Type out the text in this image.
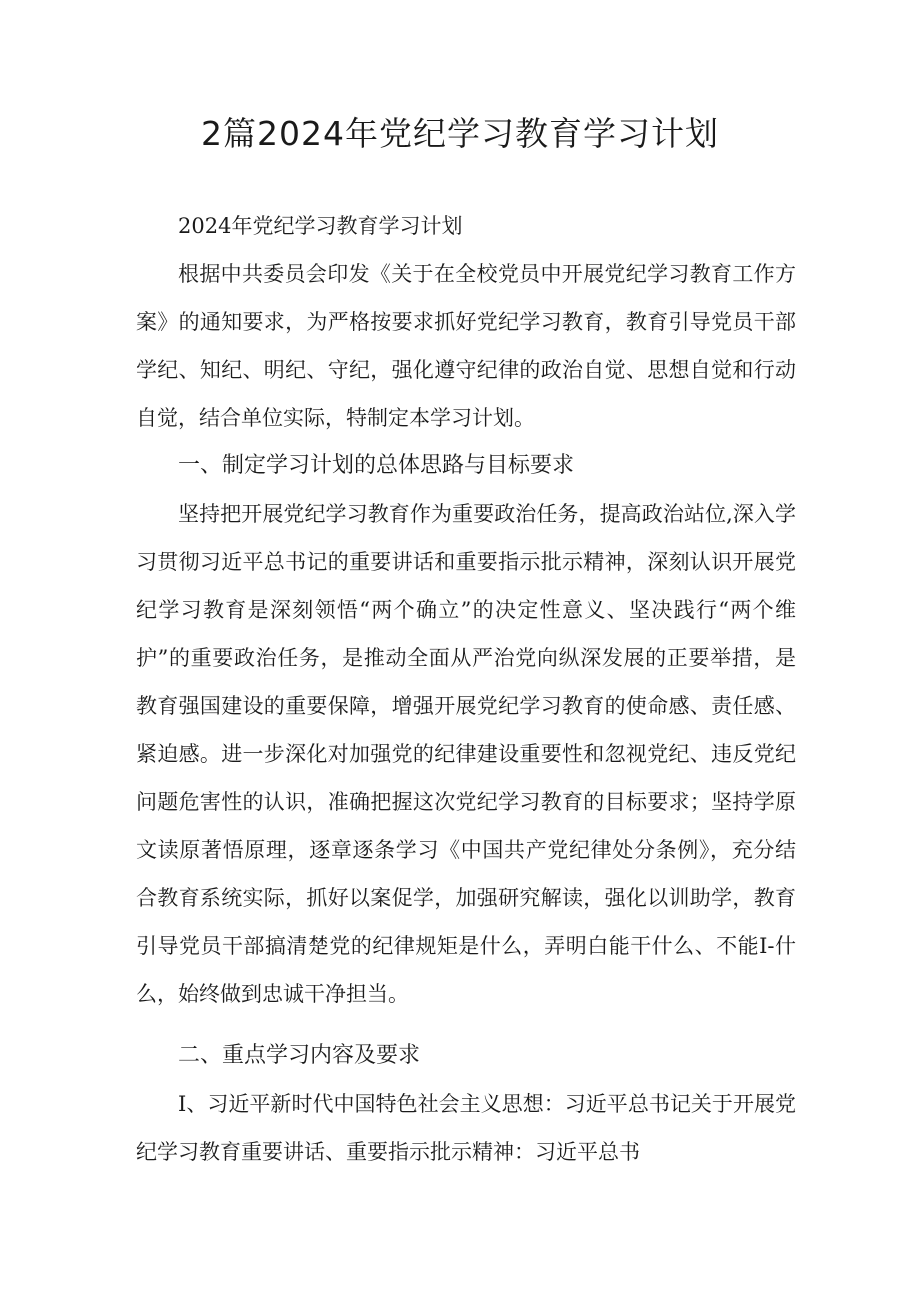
2篇2024年党纪学习教育学习计划

2024年党纪学习教育学习计划

根据中共委员会印发《关于在全校党员中开展党纪学习教育工作方案》的通知要求，为严格按要求抓好党纪学习教育，教育引导党员干部学纪、知纪、明纪、守纪，强化遵守纪律的政治自觉、思想自觉和行动自觉，结合单位实际，特制定本学习计划。

一、制定学习计划的总体思路与目标要求

坚持把开展党纪学习教育作为重要政治任务，提高政治站位,深入学习贯彻习近平总书记的重要讲话和重要指示批示精神，深刻认识开展党纪学习教育是深刻领悟“两个确立”的决定性意义、坚决践行“两个维护”的重要政治任务，是推动全面从严治党向纵深发展的正要举措，是教育强国建设的重要保障，增强开展党纪学习教育的使命感、责任感、紧迫感。进一步深化对加强党的纪律建设重要性和忽视党纪、违反党纪问题危害性的认识，准确把握这次党纪学习教育的目标要求；坚持学原文读原著悟原理，逐章逐条学习《中国共产党纪律处分条例》，充分结合教育系统实际，抓好以案促学，加强研究解读，强化以训助学，教育引导党员干部搞清楚党的纪律规矩是什么，弄明白能干什么、不能I-什么，始终做到忠诚干净担当。

二、重点学习内容及要求

I、习近平新时代中国特色社会主义思想：习近平总书记关于开展党纪学习教育重要讲话、重要指示批示精神：习近平总书
